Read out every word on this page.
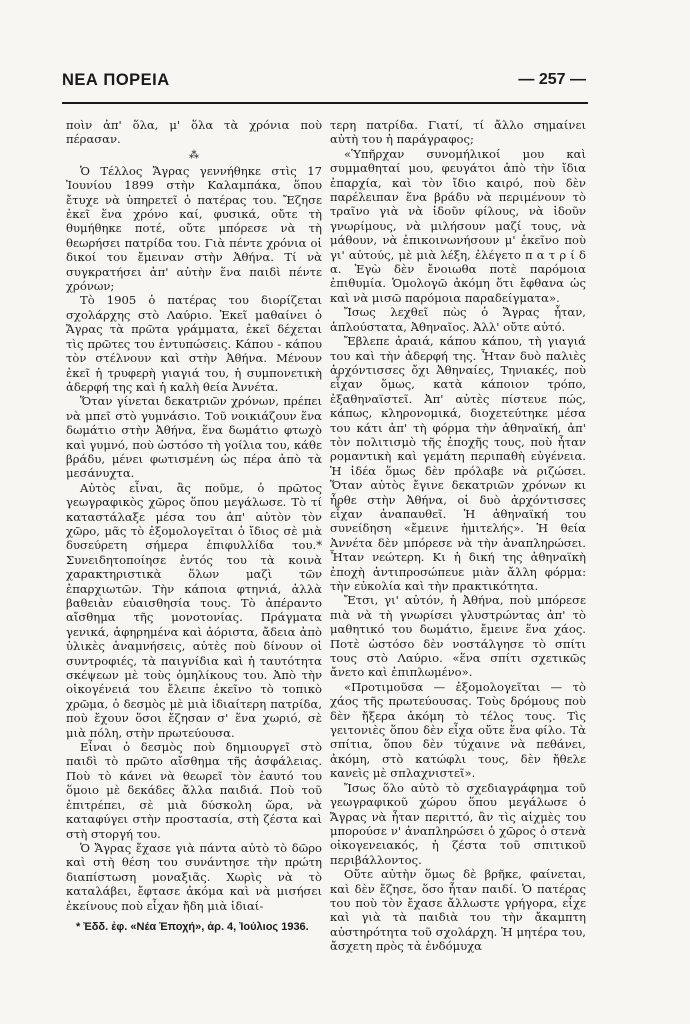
ΝΕΑ ΠΟΡΕΙΑ	— 257 —

ποὶν ἀπ' ὅλα, μ' ὅλα τὰ χρόνια ποὺ πέρασαν.

⁂

Ὁ Τέλλος Ἄγρας γεννήθηκε στὶς 17 Ἰουνίου 1899 στὴν Καλαμπάκα, ὅπου ἔτυχε νὰ ὑπηρετεῖ ὁ πατέρας του. Ἔζησε ἐκεῖ ἕνα χρόνο καί, φυσικά, οὔτε τὴ θυμήθηκε ποτέ, οὔτε μπόρεσε νὰ τὴ θεωρήσει πατρίδα του. Γιὰ πέντε χρόνια οἱ δικοί του ἔμειναν στὴν Ἀθήνα. Τί νὰ συγκρατήσει ἀπ' αὐτὴν ἕνα παιδὶ πέντε χρόνων;

Τὸ 1905 ὁ πατέρας του διορίζεται σχολάρχης στὸ Λαύριο. Ἐκεῖ μαθαίνει ὁ Ἄγρας τὰ πρῶτα γράμματα, ἐκεῖ δέχεται τὶς πρῶτες του ἐντυπώσεις. Κάπου - κάπου τὸν στέλνουν καὶ στὴν Ἀθήνα. Μένουν ἐκεῖ ἡ τρυφερὴ γιαγιά του, ἡ συμπονετικὴ ἀδερφή της καὶ ἡ καλὴ θεία Ἀννέτα.

Ὅταν γίνεται δεκατριῶν χρόνων, πρέπει νὰ μπεῖ στὸ γυμνάσιο. Τοῦ νοικιάζουν ἕνα δωμάτιο στὴν Ἀθήνα, ἕνα δωμάτιο φτωχὸ καὶ γυμνό, ποὺ ὡστόσο τὴ γοίλια του, κάθε βράδυ, μένει φωτισμένη ὡς πέρα ἀπὸ τὰ μεσάνυχτα.

Αὐτὸς εἶναι, ἂς ποῦμε, ὁ πρῶτος γεωγραφικὸς χῶρος ὅπου μεγάλωσε. Τὸ τί καταστάλαξε μέσα του ἀπ' αὐτὸν τὸν χῶρο, μᾶς τὸ ἐξομολογεῖται ὁ ἴδιος σὲ μιὰ δυσεύρετη σήμερα ἐπιφυλλίδα του.* Συνειδητοποίησε ἐντός του τὰ κοινὰ χαρακτηριστικὰ ὅλων μαζὶ τῶν ἐπαρχιωτῶν. Τὴν κάποια φτηνιά, ἀλλὰ βαθειὰν εὐαισθησία τους. Τὸ ἀπέραντο αἴσθημα τῆς μονοτονίας. Πράγματα γενικά, ἀφηρημένα καὶ ἀόριστα, ἄδεια ἀπὸ ὑλικὲς ἀναμνήσεις, αὐτὲς ποὺ δίνουν οἱ συντροφιές, τὰ παιγνίδια καὶ ἡ ταυτότητα σκέψεων μὲ τοὺς ὁμηλίκους του. Ἀπὸ τὴν οἰκογένειά του ἔλειπε ἐκεῖνο τὸ τοπικὸ χρῶμα, ὁ δεσμὸς μὲ μιὰ ἰδιαίτερη πατρίδα, ποὺ ἔχουν ὅσοι ἔζησαν σ' ἕνα χωριό, σὲ μιὰ πόλη, στὴν πρωτεύουσα.

Εἶναι ὁ δεσμὸς ποὺ δημιουργεῖ στὸ παιδὶ τὸ πρῶτο αἴσθημα τῆς ἀσφάλειας. Ποὺ τὸ κάνει νὰ θεωρεῖ τὸν ἑαυτό του ὅμοιο μὲ δεκάδες ἄλλα παιδιά. Ποὺ τοῦ ἐπιτρέπει, σὲ μιὰ δύσκολη ὥρα, νὰ καταφύγει στὴν προστασία, στὴ ζέστα καὶ στὴ στοργή του.

Ὁ Ἄγρας ἔχασε γιὰ πάντα αὐτὸ τὸ δῶρο καὶ στὴ θέση του συνάντησε τὴν πρώτη διαπίστωση μοναξιᾶς. Χωρὶς νὰ τὸ καταλάβει, ἔφτασε ἀκόμα καὶ νὰ μισήσει ἐκείνους ποὺ εἶχαν ἤδη μιὰ ἰδιαί-

τερη πατρίδα. Γιατί, τί ἄλλο σημαίνει αὐτὴ του ἡ παράγραφος;

«Ὑπῆρχαν συνομήλικοί μου καὶ συμμαθηταί μου, φευγάτοι ἀπὸ τὴν ἴδια ἐπαρχία, καὶ τὸν ἴδιο καιρό, ποὺ δὲν παρέλειπαν ἕνα βράδυ νὰ περιμένουν τὸ τραῖνο γιὰ νὰ ἰδοῦν φίλους, νὰ ἰδοῦν γνωρίμους, νὰ μιλήσουν μαζί τους, νὰ μάθουν, νὰ ἐπικοινωνήσουν μ' ἐκεῖνο ποὺ γι' αὐτούς, μὲ μιὰ λέξη, ἐλέγετο π α τ ρ ί δ α. Ἐγὼ δὲν ἔνοιωθα ποτὲ παρόμοια ἐπιθυμία. Ὁμολογῶ ἀκόμη ὅτι ἔφθανα ὡς καὶ νὰ μισῶ παρόμοια παραδείγματα».

Ἴσως λεχθεῖ πὼς ὁ Ἄγρας ἦταν, ἁπλούστατα, Ἀθηναῖος. Ἀλλ' οὔτε αὐτό.

Ἔβλεπε ἀραιά, κάπου κάπου, τὴ γιαγιά του καὶ τὴν ἀδερφή της. Ἦταν δυὸ παλιὲς ἀρχόντισσες ὄχι Ἀθηναίες, Τηνιακές, ποὺ εἶχαν ὅμως, κατὰ κάποιον τρόπο, ἐξαθηναϊστεῖ. Ἀπ' αὐτὲς πίστευε πώς, κάπως, κληρονομικά, διοχετεύτηκε μέσα του κάτι ἀπ' τὴ φόρμα τὴν ἀθηναϊκή, ἀπ' τὸν πολιτισμὸ τῆς ἐποχῆς τους, ποὺ ἦταν ρομαντικὴ καὶ γεμάτη περιπαθὴ εὐγένεια. Ἡ ἰδέα ὅμως δὲν πρόλαβε νὰ ριζώσει. Ὅταν αὐτὸς ἔγινε δεκατριῶν χρόνων κι ἦρθε στὴν Ἀθήνα, οἱ δυὸ ἀρχόντισσες εἶχαν ἀναπαυθεῖ. Ἡ ἀθηναϊκή του συνείδηση «ἔμεινε ἡμιτελής». Ἡ θεία Ἀννέτα δὲν μπόρεσε νὰ τὴν ἀναπληρώσει. Ἦταν νεώτερη. Κι ἡ δική της ἀθηναϊκὴ ἐποχὴ ἀντιπροσώπευε μιὰν ἄλλη φόρμα: τὴν εὐκολία καὶ τὴν πρακτικότητα.

Ἔτσι, γι' αὐτόν, ἡ Ἀθήνα, ποὺ μπόρεσε πιὰ νὰ τὴ γνωρίσει γλυστρώντας ἀπ' τὸ μαθητικό του δωμάτιο, ἔμεινε ἕνα χάος. Ποτὲ ὡστόσο δὲν νοστάλγησε τὸ σπίτι τους στὸ Λαύριο. «ἕνα σπίτι σχετικῶς ἄνετο καὶ ἐπιπλωμένο».

«Προτιμοῦσα — ἐξομολογεῖται — τὸ χάος τῆς πρωτεύουσας. Τοὺς δρόμους ποὺ δὲν ἤξερα ἀκόμη τὸ τέλος τους. Τὶς γειτονιὲς ὅπου δὲν εἶχα οὔτε ἕνα φίλο. Τὰ σπίτια, ὅπου δὲν τύχαινε νὰ πεθάνει, ἀκόμη, στὸ κατώφλι τους, δὲν ἤθελε κανεὶς μὲ σπλαχνιστεῖ».

Ἴσως ὅλο αὐτὸ τὸ σχεδιαγράφημα τοῦ γεωγραφικοῦ χώρου ὅπου μεγάλωσε ὁ Ἄγρας νὰ ἦταν περιττό, ἂν τὶς αἰχμὲς του μπορούσε ν' ἀναπληρώσει ὁ χῶρος ὁ στενὰ οἰκογενειακός, ἡ ζέστα τοῦ σπιτικοῦ περιβάλλοντος.

Οὔτε αὐτὴν ὅμως δὲ βρῆκε, φαίνεται, καὶ δὲν ἔζησε, ὅσο ἦταν παιδί. Ὁ πατέρας του ποὺ τὸν ἔχασε ἄλλωστε γρήγορα, εἶχε καὶ γιὰ τὰ παιδιὰ του τὴν ἄκαμπτη αὐστηρότητα τοῦ σχολάρχη. Ἡ μητέρα του, ἄσχετη πρὸς τὰ ἐνδόμυχα

* Ἐδδ. ἐφ. «Νέα Ἐποχή», ἀρ. 4, Ἰούλιος 1936.
